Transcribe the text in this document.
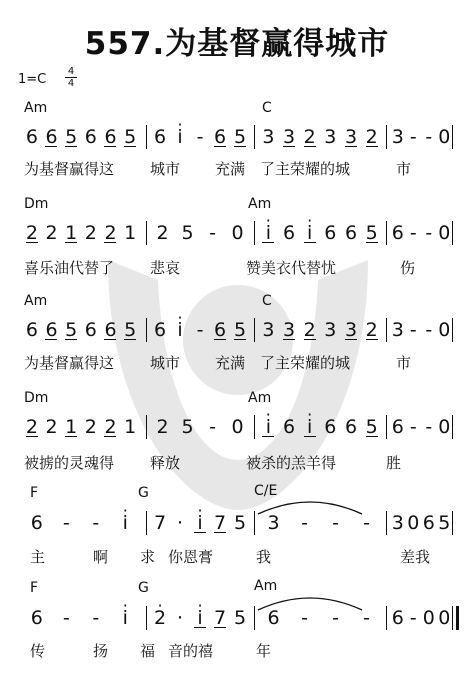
557.为基督赢得城市
1=C
4
4
Am	C
6 6 5 6 6 5 6 · i - 6 5 3 3 2 3 3 2 3 - - 0
为基督赢得这 城市 充满 了主荣耀的城	市
Dm	Am
2 2 1 2 2 1 2 5 - 0 · i 6 · i 6 6 5 6 - - 0
喜乐油代替了 悲哀	赞美衣代替忧	伤
Am	C
6 6 5 6 6 5 6 · i - 6 5 3 3 2 3 3 2 3 - - 0
为基督赢得这 城市 充满 了主荣耀的城	市
Dm	Am
2 2 1 2 2 1 2 5 - 0 · i 6 · i 6 6 5 6 - - 0
被掳的灵魂得 释放	被杀的羔羊得	胜
F	G	C/E
6 - - · i 7 · · i 7 5 3 - - - 3 0 6 5
主	啊 求 你恩膏	我	差我
F	G	Am
6 - - · i · 2 · · i 7 5 6 - - - 6 - 0 0
传	扬 福 音的禧	年
